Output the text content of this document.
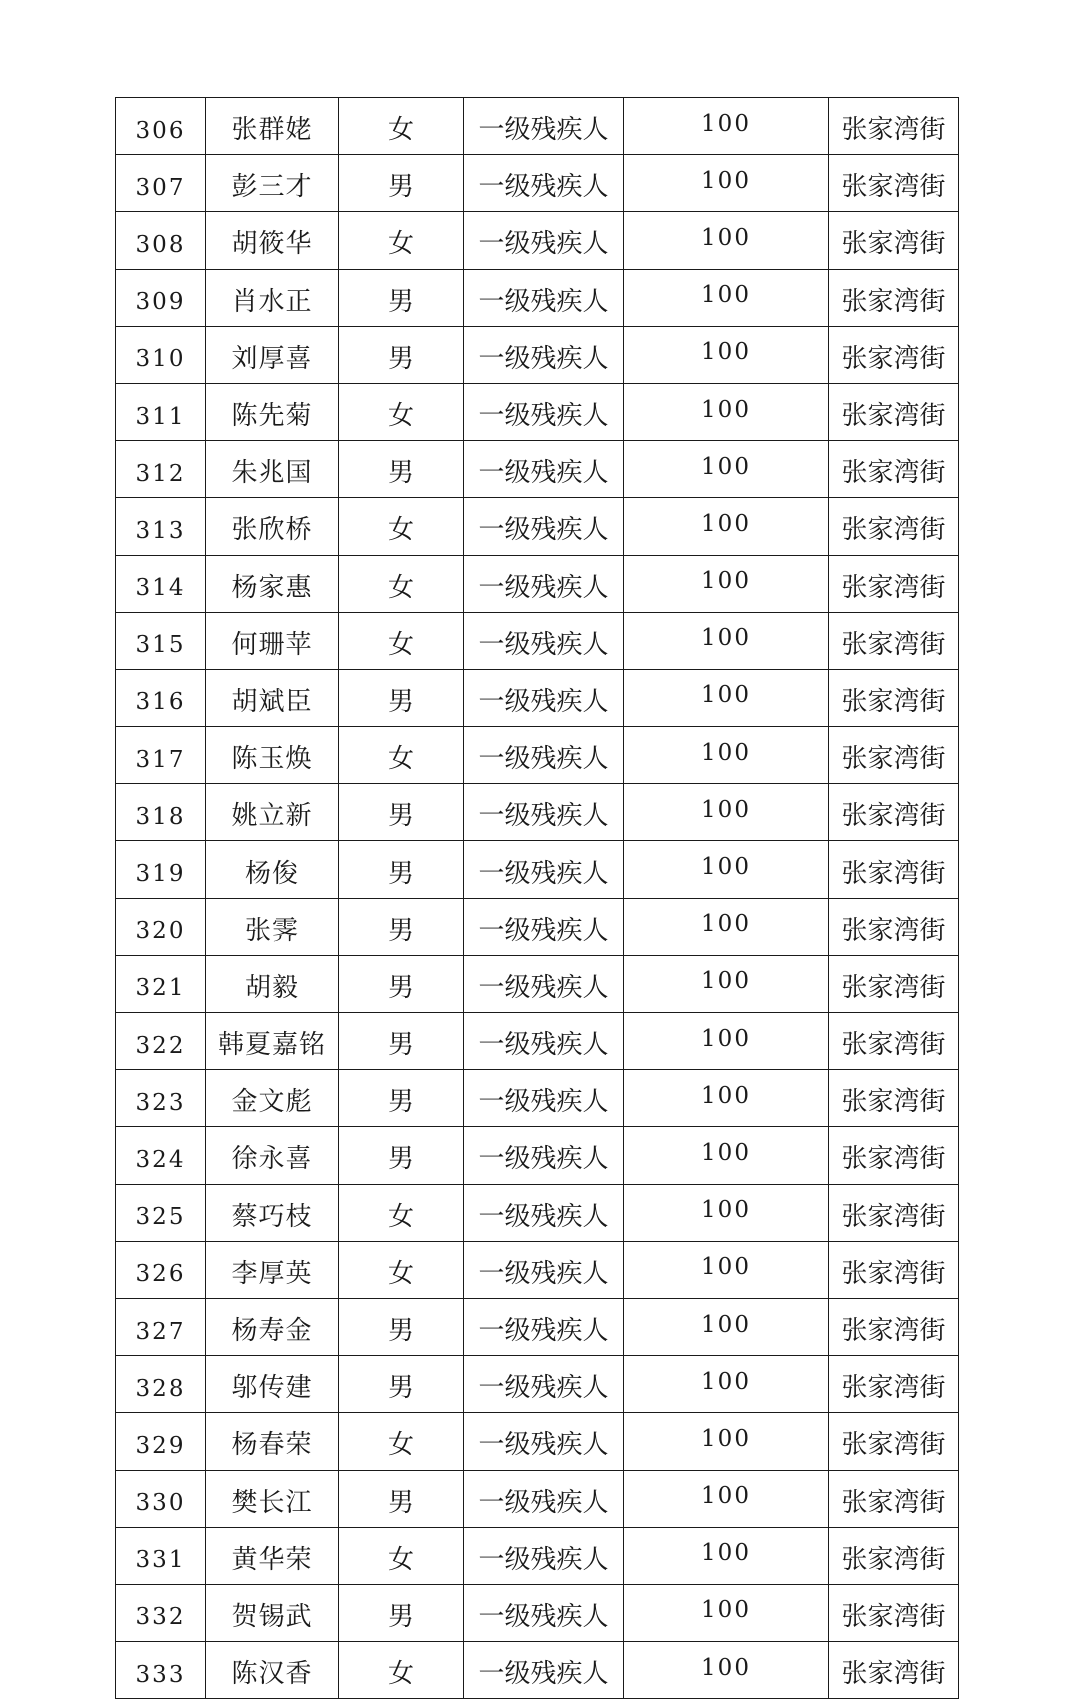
306	张群姥	女	一级残疾人	100	张家湾街
307	彭三才	男	一级残疾人	100	张家湾街
308	胡筱华	女	一级残疾人	100	张家湾街
309	肖水正	男	一级残疾人	100	张家湾街
310	刘厚喜	男	一级残疾人	100	张家湾街
311	陈先菊	女	一级残疾人	100	张家湾街
312	朱兆国	男	一级残疾人	100	张家湾街
313	张欣桥	女	一级残疾人	100	张家湾街
314	杨家惠	女	一级残疾人	100	张家湾街
315	何珊苹	女	一级残疾人	100	张家湾街
316	胡斌臣	男	一级残疾人	100	张家湾街
317	陈玉焕	女	一级残疾人	100	张家湾街
318	姚立新	男	一级残疾人	100	张家湾街
319	杨俊	男	一级残疾人	100	张家湾街
320	张霁	男	一级残疾人	100	张家湾街
321	胡毅	男	一级残疾人	100	张家湾街
322	韩夏嘉铭	男	一级残疾人	100	张家湾街
323	金文彪	男	一级残疾人	100	张家湾街
324	徐永喜	男	一级残疾人	100	张家湾街
325	蔡巧枝	女	一级残疾人	100	张家湾街
326	李厚英	女	一级残疾人	100	张家湾街
327	杨寿金	男	一级残疾人	100	张家湾街
328	邬传建	男	一级残疾人	100	张家湾街
329	杨春荣	女	一级残疾人	100	张家湾街
330	樊长江	男	一级残疾人	100	张家湾街
331	黄华荣	女	一级残疾人	100	张家湾街
332	贺锡武	男	一级残疾人	100	张家湾街
333	陈汉香	女	一级残疾人	100	张家湾街
